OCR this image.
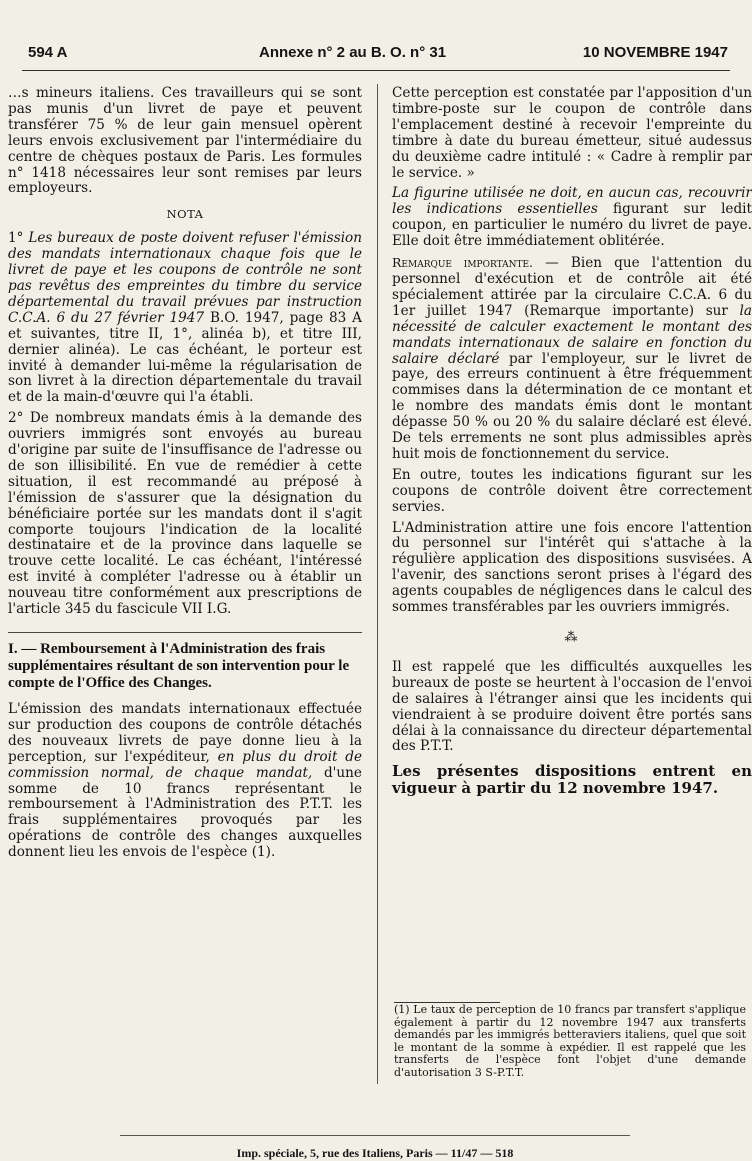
594 A	Annexe n° 2 au B. O. n° 31	10 NOVEMBRE 1947

…s mineurs italiens. Ces travailleurs qui se sont pas munis d'un livret de paye et peuvent transférer 75 % de leur gain mensuel opèrent leurs envois exclusivement par l'intermédiaire du centre de chèques postaux de Paris. Les formules n° 1418 nécessaires leur sont remises par leurs employeurs.

NOTA

1° Les bureaux de poste doivent refuser l'émission des mandats internationaux chaque fois que le livret de paye et les coupons de contrôle ne sont pas revêtus des empreintes du timbre du service départemental du travail prévues par instruction C.C.A. 6 du 27 février 1947 B.O. 1947, page 83 A et suivantes, titre II, 1°, alinéa b), et titre III, dernier alinéa). Le cas échéant, le porteur est invité à demander lui-même la régularisation de son livret à la direction départementale du travail et de la main-d'œuvre qui l'a établi.

2° De nombreux mandats émis à la demande des ouvriers immigrés sont envoyés au bureau d'origine par suite de l'insuffisance de l'adresse ou de son illisibilité. En vue de remédier à cette situation, il est recommandé au préposé à l'émission de s'assurer que la désignation du bénéficiaire portée sur les mandats dont il s'agit comporte toujours l'indication de la localité destinataire et de la province dans laquelle se trouve cette localité. Le cas échéant, l'intéressé est invité à compléter l'adresse ou à établir un nouveau titre conformément aux prescriptions de l'article 345 du fascicule VII I.G.

I. — Remboursement à l'Administration des frais supplémentaires résultant de son intervention pour le compte de l'Office des Changes.

L'émission des mandats internationaux effectuée sur production des coupons de contrôle détachés des nouveaux livrets de paye donne lieu à la perception, sur l'expéditeur, en plus du droit de commission normal, de chaque mandat, d'une somme de 10 francs représentant le remboursement à l'Administration des P.T.T. les frais supplémentaires provoqués par les opérations de contrôle des changes auxquelles donnent lieu les envois de l'espèce (1).

Cette perception est constatée par l'apposition d'un timbre-poste sur le coupon de contrôle dans l'emplacement destiné à recevoir l'empreinte du timbre à date du bureau émetteur, situé audessus du deuxième cadre intitulé : « Cadre à remplir par le service. »

La figurine utilisée ne doit, en aucun cas, recouvrir les indications essentielles figurant sur ledit coupon, en particulier le numéro du livret de paye. Elle doit être immédiatement oblitérée.

Remarque importante. — Bien que l'attention du personnel d'exécution et de contrôle ait été spécialement attirée par la circulaire C.C.A. 6 du 1er juillet 1947 (Remarque importante) sur la nécessité de calculer exactement le montant des mandats internationaux de salaire en fonction du salaire déclaré par l'employeur, sur le livret de paye, des erreurs continuent à être fréquemment commises dans la détermination de ce montant et le nombre des mandats émis dont le montant dépasse 50 % ou 20 % du salaire déclaré est élevé. De tels errements ne sont plus admissibles après huit mois de fonctionnement du service.

En outre, toutes les indications figurant sur les coupons de contrôle doivent être correctement servies.

L'Administration attire une fois encore l'attention du personnel sur l'intérêt qui s'attache à la régulière application des dispositions susvisées. A l'avenir, des sanctions seront prises à l'égard des agents coupables de négligences dans le calcul des sommes transférables par les ouvriers immigrés.

⁂

Il est rappelé que les difficultés auxquelles les bureaux de poste se heurtent à l'occasion de l'envoi de salaires à l'étranger ainsi que les incidents qui viendraient à se produire doivent être portés sans délai à la connaissance du directeur départemental des P.T.T.

Les présentes dispositions entrent en vigueur à partir du 12 novembre 1947.

(1) Le taux de perception de 10 francs par transfert s'applique également à partir du 12 novembre 1947 aux transferts demandés par les immigrés betteraviers italiens, quel que soit le montant de la somme à expédier. Il est rappelé que les transferts de l'espèce font l'objet d'une demande d'autorisation 3 S-P.T.T.
Imp. spéciale, 5, rue des Italiens, Paris — 11/47 — 518
